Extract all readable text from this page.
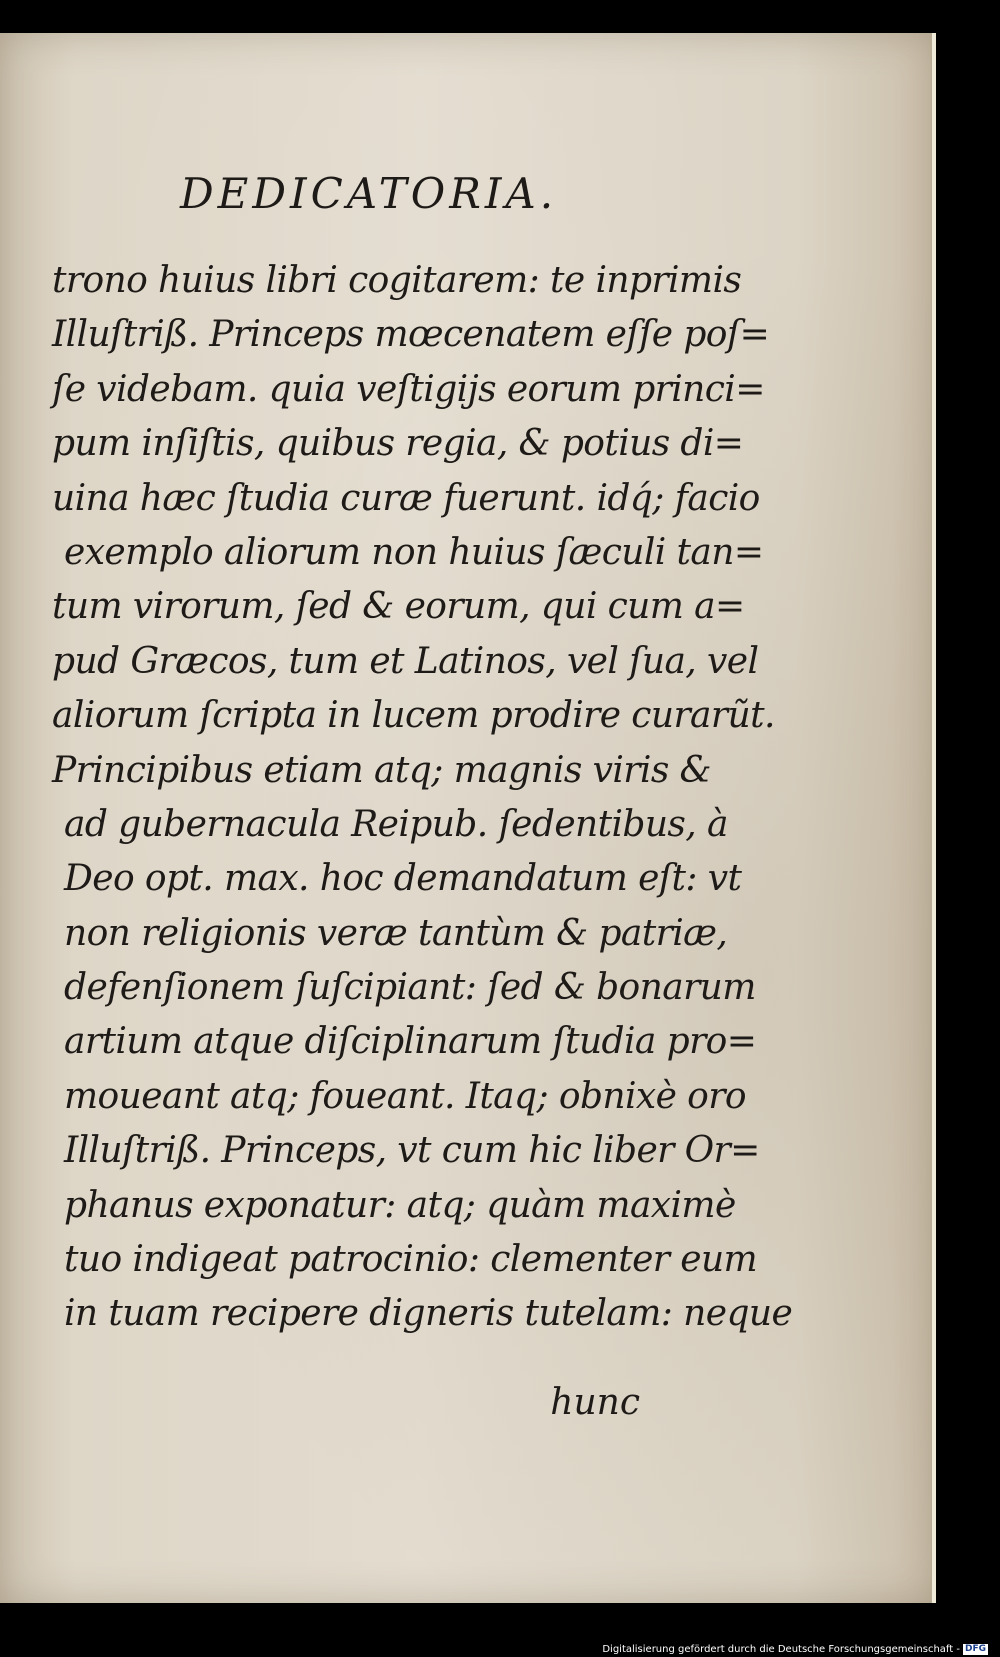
DEDICATORIA.
trono huius libri cogitarem: te inprimis
Illuſtriß. Princeps mœcenatem eſſe poſ=
ſe videbam. quia veſtigijs eorum princi=
pum inſiſtis, quibus regia, & potius di=
uina hæc ſtudia curæ fuerunt. idq́; facio
exemplo aliorum non huius ſæculi tan=
tum virorum, ſed & eorum, qui cum a=
pud Græcos, tum et Latinos, vel ſua, vel
aliorum ſcripta in lucem prodire curarũt.
Principibus etiam atq; magnis viris &
ad gubernacula Reipub. ſedentibus, à
Deo opt. max. hoc demandatum eſt: vt
non religionis veræ tantùm & patriæ,
defenſionem ſuſcipiant: ſed & bonarum
artium atque diſciplinarum ſtudia pro=
moueant atq; foueant. Itaq; obnixè oro
Illuſtriß. Princeps, vt cum hic liber Or=
phanus exponatur: atq; quàm maximè
tuo indigeat patrocinio: clementer eum
in tuam recipere digneris tutelam: neque
hunc
Digitalisierung gefördert durch die Deutsche Forschungsgemeinschaft - DFG
